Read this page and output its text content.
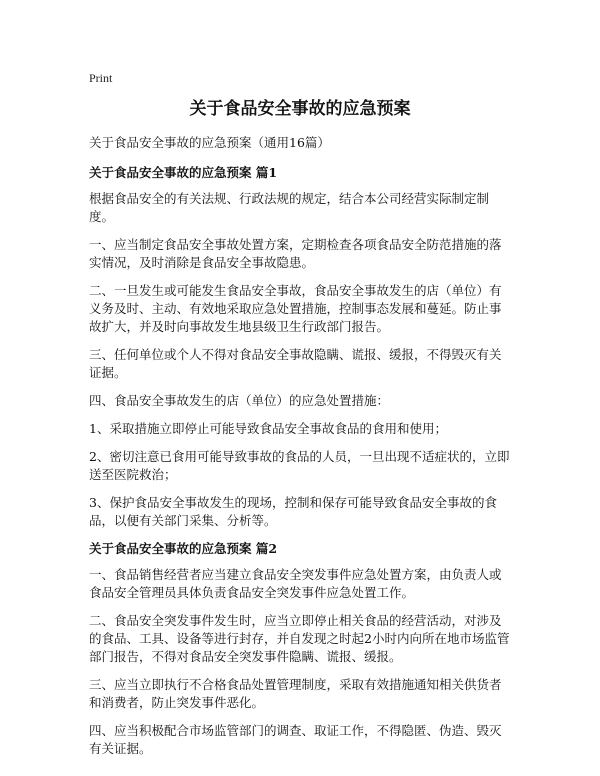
Print
关于食品安全事故的应急预案

关于食品安全事故的应急预案（通用16篇）

关于食品安全事故的应急预案 篇1

根据食品安全的有关法规、行政法规的规定，结合本公司经营实际制定制度。

一、应当制定食品安全事故处置方案，定期检查各项食品安全防范措施的落实情况，及时消除是食品安全事故隐患。

二、一旦发生或可能发生食品安全事故，食品安全事故发生的店（单位）有义务及时、主动、有效地采取应急处置措施，控制事态发展和蔓延。防止事故扩大，并及时向事故发生地县级卫生行政部门报告。

三、任何单位或个人不得对食品安全事故隐瞒、谎报、缓报，不得毁灭有关证据。

四、食品安全事故发生的店（单位）的应急处置措施：

1、采取措施立即停止可能导致食品安全事故食品的食用和使用；

2、密切注意已食用可能导致事故的食品的人员，一旦出现不适症状的，立即送至医院救治；

3、保护食品安全事故发生的现场，控制和保存可能导致食品安全事故的食品，以便有关部门采集、分析等。

关于食品安全事故的应急预案 篇2

一、食品销售经营者应当建立食品安全突发事件应急处置方案，由负责人或食品安全管理员具体负责食品安全突发事件应急处置工作。

二、食品安全突发事件发生时，应当立即停止相关食品的经营活动，对涉及的食品、工具、设备等进行封存，并自发现之时起2小时内向所在地市场监管部门报告，不得对食品安全突发事件隐瞒、谎报、缓报。

三、应当立即执行不合格食品处置管理制度，采取有效措施通知相关供货者和消费者，防止突发事件恶化。

四、应当积极配合市场监管部门的调查、取证工作，不得隐匿、伪造、毁灭有关证据。
